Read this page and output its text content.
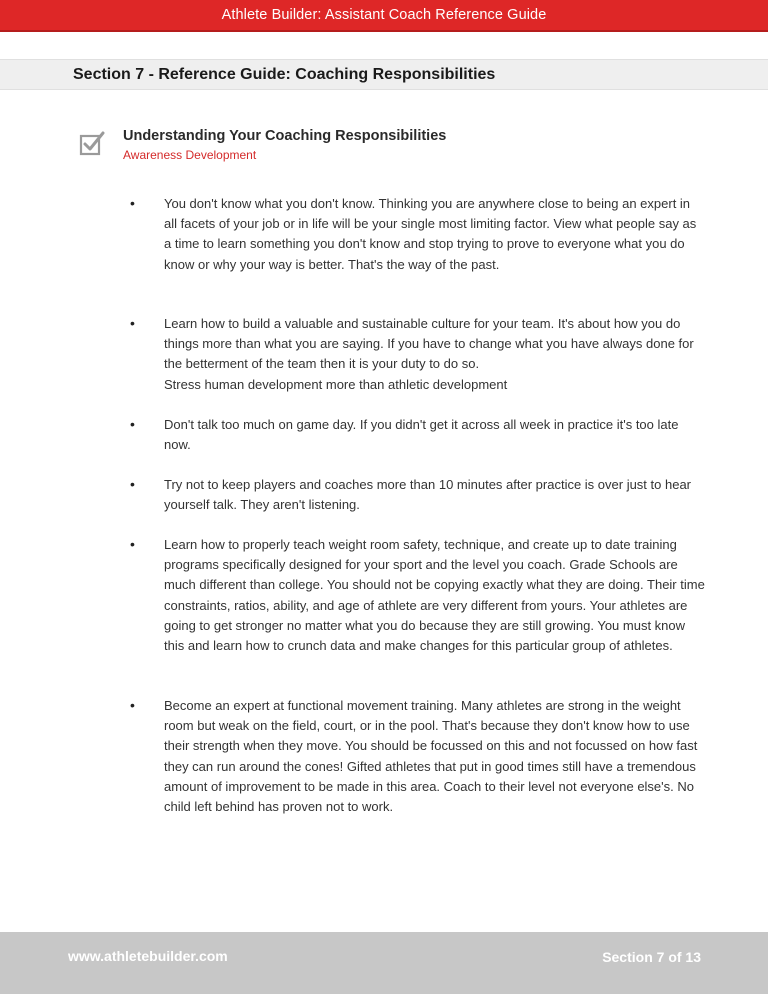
Athlete Builder: Assistant Coach Reference Guide
Section 7 - Reference Guide: Coaching Responsibilities
Understanding Your Coaching Responsibilities
Awareness Development
• You don't know what you don't know. Thinking you are anywhere close to being an expert in all facets of your job or in life will be your single most limiting factor. View what people say as a time to learn something you don't know and stop trying to prove to everyone what you do know or why your way is better. That's the way of the past.
• Learn how to build a valuable and sustainable culture for your team. It's about how you do things more than what you are saying. If you have to change what you have always done for the betterment of the team then it is your duty to do so.
Stress human development more than athletic development
• Don't talk too much on game day. If you didn't get it across all week in practice it's too late now.
• Try not to keep players and coaches more than 10 minutes after practice is over just to hear yourself talk. They aren't listening.
• Learn how to properly teach weight room safety, technique, and create up to date training programs specifically designed for your sport and the level you coach. Grade Schools are much different than college. You should not be copying exactly what they are doing. Their time constraints, ratios, ability, and age of athlete are very different from yours. Your athletes are going to get stronger no matter what you do because they are still growing. You must know this and learn how to crunch data and make changes for this particular group of athletes.
• Become an expert at functional movement training. Many athletes are strong in the weight room but weak on the field, court, or in the pool. That's because they don't know how to use their strength when they move. You should be focussed on this and not focussed on how fast they can run around the cones! Gifted athletes that put in good times still have a tremendous amount of improvement to be made in this area. Coach to their level not everyone else's. No child left behind has proven not to work.
www.athletebuilder.com	Section 7 of 13
